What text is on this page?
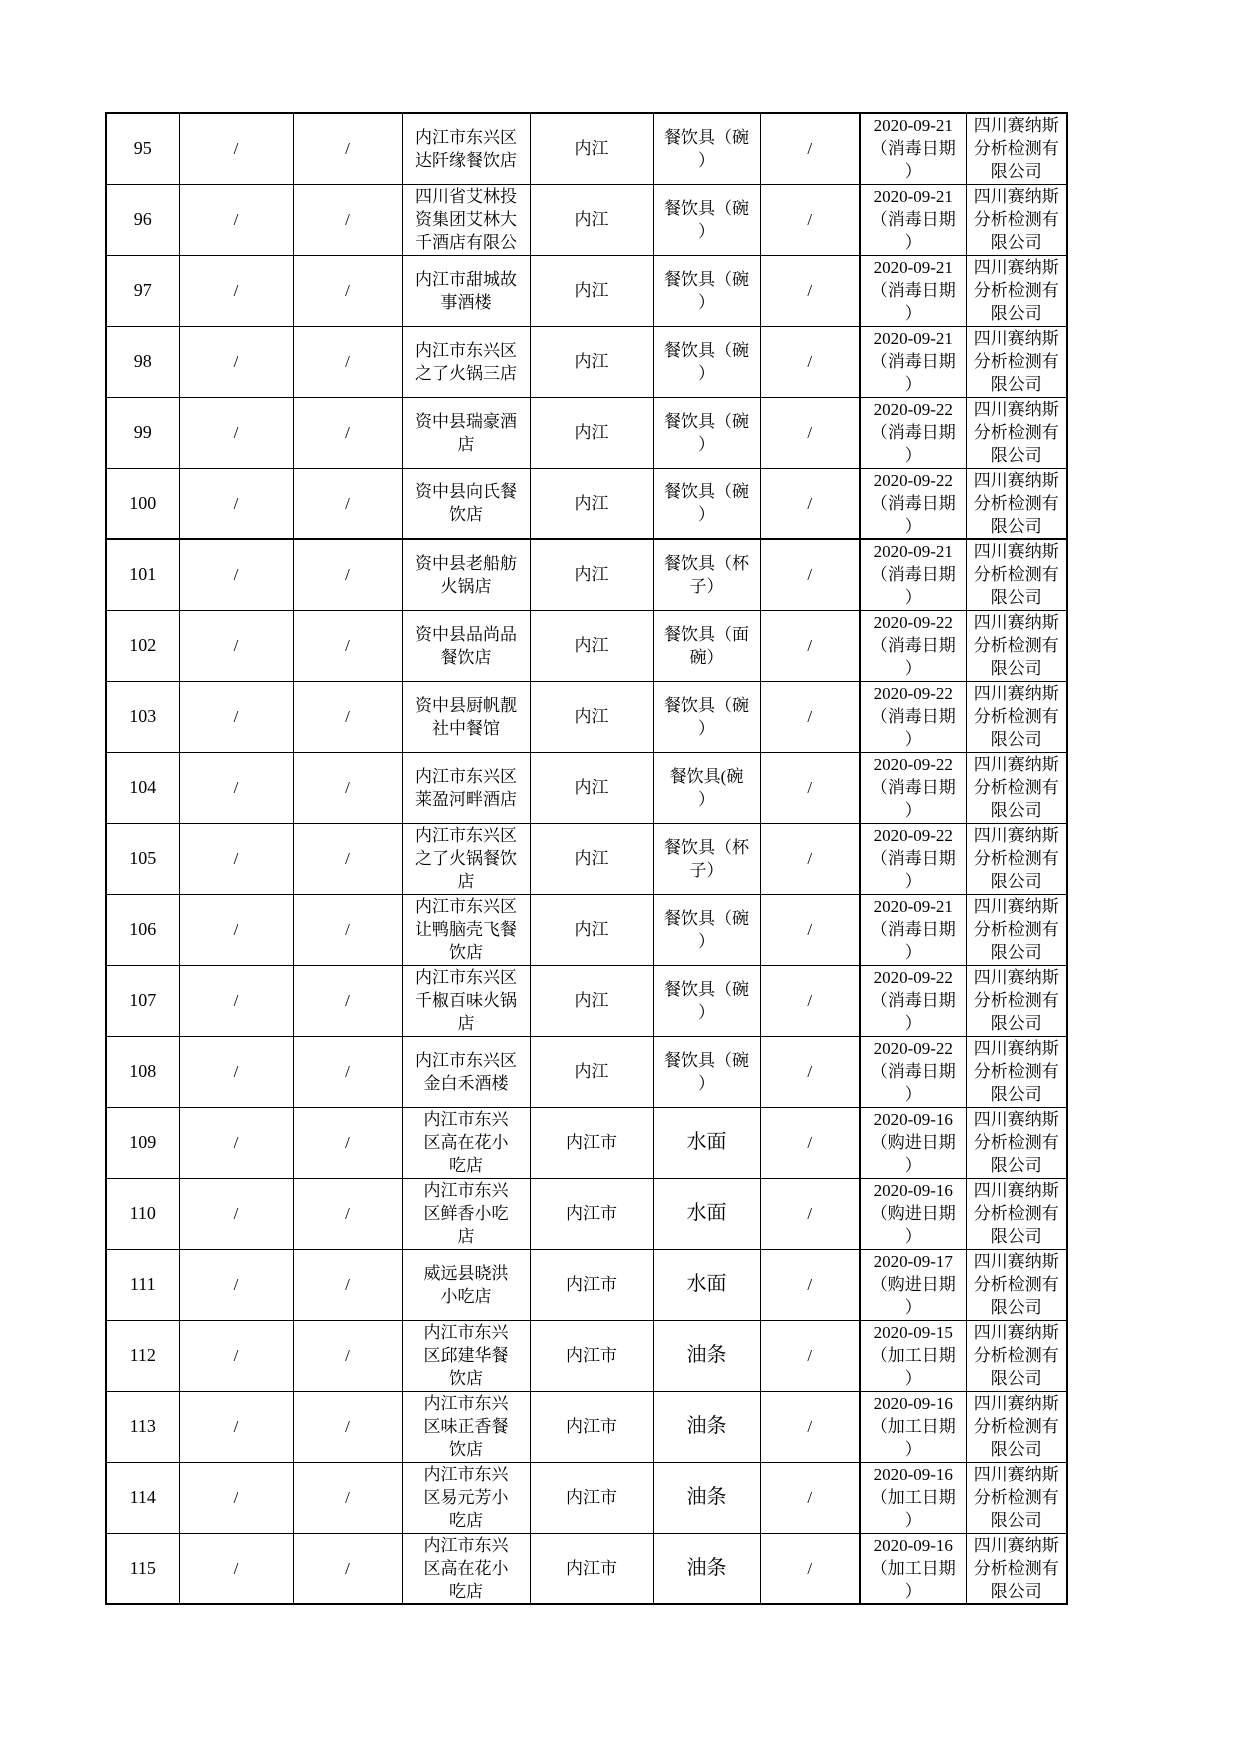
95	/	/	内江市东兴区
达阡缘餐饮店	内江	餐饮具（碗
）	/	2020-09-21
（消毒日期
）	四川赛纳斯
分析检测有
限公司

96	/	/	四川省艾林投
资集团艾林大
千酒店有限公	内江	餐饮具（碗
）	/	2020-09-21
（消毒日期
）	四川赛纳斯
分析检测有
限公司

97	/	/	内江市甜城故
事酒楼	内江	餐饮具（碗
）	/	2020-09-21
（消毒日期
）	四川赛纳斯
分析检测有
限公司

98	/	/	内江市东兴区
之了火锅三店	内江	餐饮具（碗
）	/	2020-09-21
（消毒日期
）	四川赛纳斯
分析检测有
限公司

99	/	/	资中县瑞豪酒
店	内江	餐饮具（碗
）	/	2020-09-22
（消毒日期
）	四川赛纳斯
分析检测有
限公司

100	/	/	资中县向氏餐
饮店	内江	餐饮具（碗
）	/	2020-09-22
（消毒日期
）	四川赛纳斯
分析检测有
限公司

101	/	/	资中县老船舫
火锅店	内江	餐饮具（杯
子）	/	2020-09-21
（消毒日期
）	四川赛纳斯
分析检测有
限公司

102	/	/	资中县品尚品
餐饮店	内江	餐饮具（面
碗）	/	2020-09-22
（消毒日期
）	四川赛纳斯
分析检测有
限公司

103	/	/	资中县厨帆靓
社中餐馆	内江	餐饮具（碗
）	/	2020-09-22
（消毒日期
）	四川赛纳斯
分析检测有
限公司

104	/	/	内江市东兴区
莱盈河畔酒店	内江	餐饮具(碗
）	/	2020-09-22
（消毒日期
）	四川赛纳斯
分析检测有
限公司

105	/	/	内江市东兴区
之了火锅餐饮
店	内江	餐饮具（杯
子）	/	2020-09-22
（消毒日期
）	四川赛纳斯
分析检测有
限公司

106	/	/	内江市东兴区
让鸭脑壳飞餐
饮店	内江	餐饮具（碗
）	/	2020-09-21
（消毒日期
）	四川赛纳斯
分析检测有
限公司

107	/	/	内江市东兴区
千椒百味火锅
店	内江	餐饮具（碗
）	/	2020-09-22
（消毒日期
）	四川赛纳斯
分析检测有
限公司

108	/	/	内江市东兴区
金白禾酒楼	内江	餐饮具（碗
）	/	2020-09-22
（消毒日期
）	四川赛纳斯
分析检测有
限公司

109	/	/	内江市东兴
区高在花小
吃店	内江市	水面	/	2020-09-16
（购进日期
）	四川赛纳斯
分析检测有
限公司

110	/	/	内江市东兴
区鲜香小吃
店	内江市	水面	/	2020-09-16
（购进日期
）	四川赛纳斯
分析检测有
限公司

111	/	/	威远县晓洪
小吃店	内江市	水面	/	2020-09-17
（购进日期
）	四川赛纳斯
分析检测有
限公司

112	/	/	内江市东兴
区邱建华餐
饮店	内江市	油条	/	2020-09-15
（加工日期
）	四川赛纳斯
分析检测有
限公司

113	/	/	内江市东兴
区味正香餐
饮店	内江市	油条	/	2020-09-16
（加工日期
）	四川赛纳斯
分析检测有
限公司

114	/	/	内江市东兴
区易元芳小
吃店	内江市	油条	/	2020-09-16
（加工日期
）	四川赛纳斯
分析检测有
限公司

115	/	/	内江市东兴
区高在花小
吃店	内江市	油条	/	2020-09-16
（加工日期
）	四川赛纳斯
分析检测有
限公司
